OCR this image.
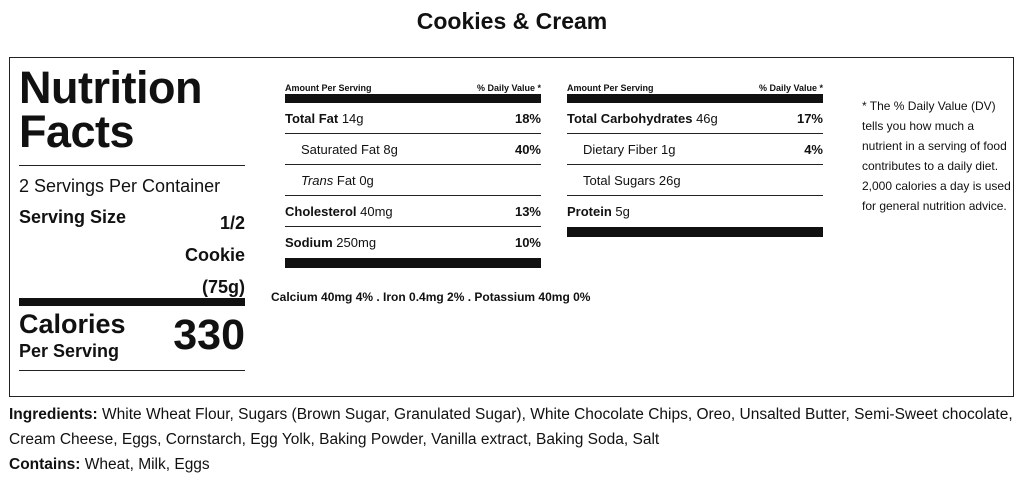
Cookies & Cream
Nutrition
Facts
2 Servings Per Container
Serving Size	1/2
Cookie
(75g)
Calories
Per Serving	330
Amount Per Serving	% Daily Value *
Total Fat 14g	18%
Saturated Fat 8g	40%
Trans Fat 0g
Cholesterol 40mg	13%
Sodium 250mg	10%
Amount Per Serving	% Daily Value *
Total Carbohydrates 46g	17%
Dietary Fiber 1g	4%
Total Sugars 26g
Protein 5g
Calcium 40mg 4% . Iron 0.4mg 2% . Potassium 40mg 0%
* The % Daily Value (DV) tells you how much a nutrient in a serving of food contributes to a daily diet. 2,000 calories a day is used for general nutrition advice.
Ingredients: White Wheat Flour, Sugars (Brown Sugar, Granulated Sugar), White Chocolate Chips, Oreo, Unsalted Butter, Semi-Sweet chocolate, Cream Cheese, Eggs, Cornstarch, Egg Yolk, Baking Powder, Vanilla extract, Baking Soda, Salt
Contains: Wheat, Milk, Eggs
